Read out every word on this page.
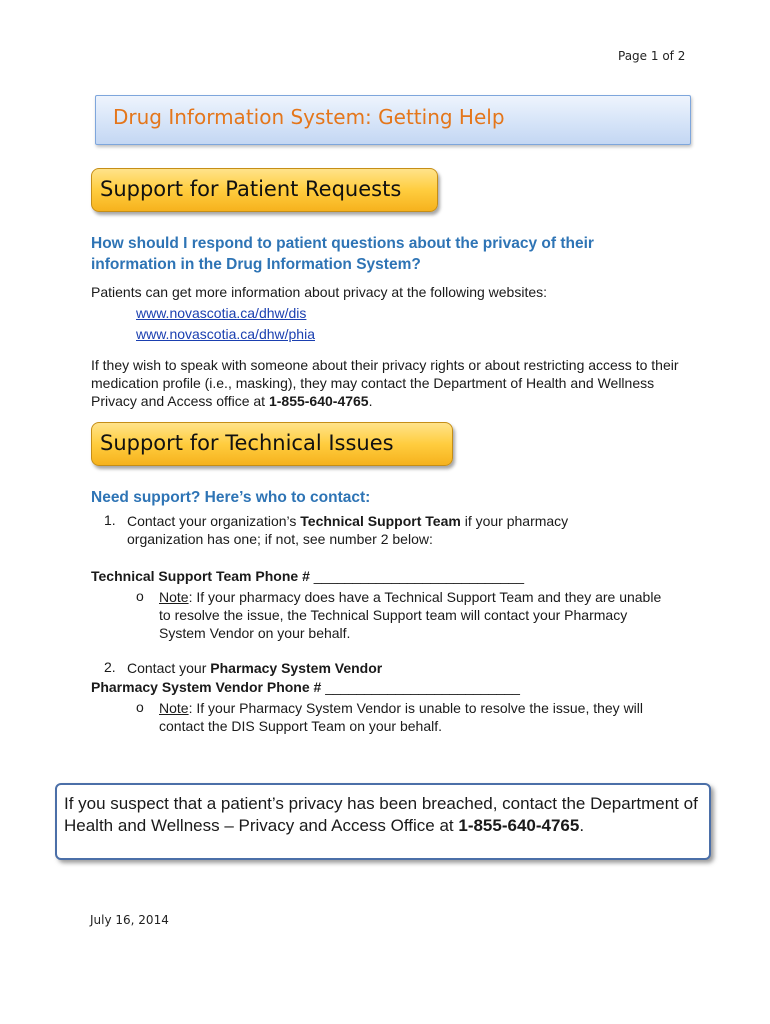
Page 1 of 2
Drug Information System: Getting Help
Support for Patient Requests
How should I respond to patient questions about the privacy of their information in the Drug Information System?
Patients can get more information about privacy at the following websites:
www.novascotia.ca/dhw/dis
www.novascotia.ca/dhw/phia
If they wish to speak with someone about their privacy rights or about restricting access to their medication profile (i.e., masking), they may contact the Department of Health and Wellness Privacy and Access office at 1-855-640-4765.
Support for Technical Issues
Need support? Here’s who to contact:
1. Contact your organization’s Technical Support Team if your pharmacy organization has one; if not, see number 2 below:
Technical Support Team Phone # ___________________________
o Note: If your pharmacy does have a Technical Support Team and they are unable to resolve the issue, the Technical Support team will contact your Pharmacy System Vendor on your behalf.
2. Contact your Pharmacy System Vendor
Pharmacy System Vendor Phone # _________________________
o Note: If your Pharmacy System Vendor is unable to resolve the issue, they will contact the DIS Support Team on your behalf.
If you suspect that a patient’s privacy has been breached, contact the Department of Health and Wellness – Privacy and Access Office at 1-855-640-4765.
July 16, 2014
